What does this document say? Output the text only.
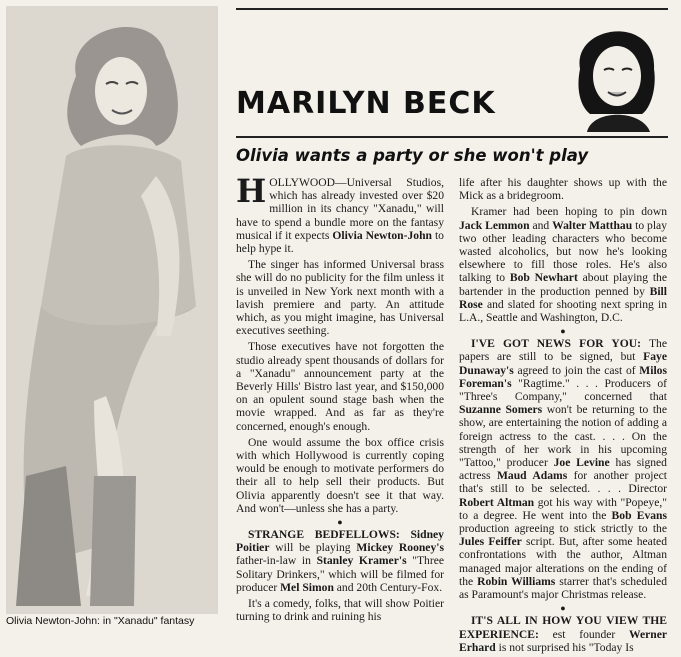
Olivia Newton-John: in "Xanadu" fantasy
MARILYN BECK
Olivia wants a party or she won't play

HOLLYWOOD—Universal Studios, which has already invested over $20 million in its chancy "Xanadu," will have to spend a bundle more on the fantasy musical if it expects Olivia Newton-John to help hype it.

The singer has informed Universal brass she will do no publicity for the film unless it is unveiled in New York next month with a lavish premiere and party. An attitude which, as you might imagine, has Universal executives seething.

Those executives have not forgotten the studio already spent thousands of dollars for a "Xanadu" announcement party at the Beverly Hills' Bistro last year, and $150,000 on an opulent sound stage bash when the movie wrapped. And as far as they're concerned, enough's enough.

One would assume the box office crisis with which Hollywood is currently coping would be enough to motivate performers do their all to help sell their products. But Olivia apparently doesn't see it that way. And won't—unless she has a party.

●

STRANGE BEDFELLOWS: Sidney Poitier will be playing Mickey Rooney's father-in-law in Stanley Kramer's "Three Solitary Drinkers," which will be filmed for producer Mel Simon and 20th Century-Fox.

It's a comedy, folks, that will show Poitier turning to drink and ruining his

life after his daughter shows up with the Mick as a bridegroom.

Kramer had been hoping to pin down Jack Lemmon and Walter Matthau to play two other leading characters who become wasted alcoholics, but now he's looking elsewhere to fill those roles. He's also talking to Bob Newhart about playing the bartender in the production penned by Bill Rose and slated for shooting next spring in L.A., Seattle and Washington, D.C.

●

I'VE GOT NEWS FOR YOU: The papers are still to be signed, but Faye Dunaway's agreed to join the cast of Milos Foreman's "Ragtime." . . . Producers of "Three's Company," concerned that Suzanne Somers won't be returning to the show, are entertaining the notion of adding a foreign actress to the cast. . . . On the strength of her work in his upcoming "Tattoo," producer Joe Levine has signed actress Maud Adams for another project that's still to be selected. . . . Director Robert Altman got his way with "Popeye," to a degree. He went into the Bob Evans production agreeing to stick strictly to the Jules Feiffer script. But, after some heated confrontations with the author, Altman managed major alterations on the ending of the Robin Williams starrer that's scheduled as Paramount's major Christmas release.

●

IT'S ALL IN HOW YOU VIEW THE EXPERIENCE: est founder Werner Erhard is not surprised his "Today Is
